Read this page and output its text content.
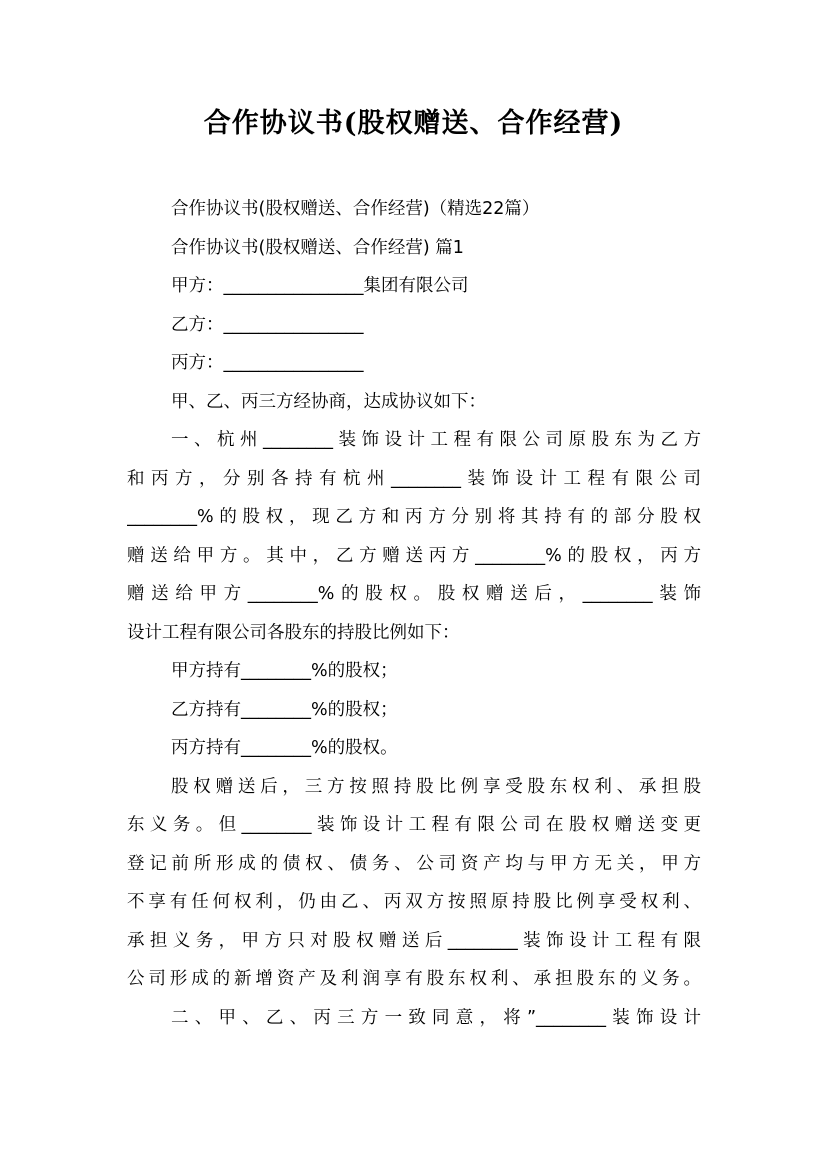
合作协议书(股权赠送、合作经营)
合作协议书(股权赠送、合作经营)（精选22篇）
合作协议书(股权赠送、合作经营) 篇1
甲方：________________集团有限公司
乙方：________________
丙方：________________
甲、乙、丙三方经协商，达成协议如下：
一、杭州________装饰设计工程有限公司原股东为乙方
和丙方，分别各持有杭州________装饰设计工程有限公司
________%的股权，现乙方和丙方分别将其持有的部分股权
赠送给甲方。其中，乙方赠送丙方________%的股权，丙方
赠送给甲方________%的股权。股权赠送后，________装饰
设计工程有限公司各股东的持股比例如下：
甲方持有________%的股权；
乙方持有________%的股权；
丙方持有________%的股权。
股权赠送后，三方按照持股比例享受股东权利、承担股
东义务。但________装饰设计工程有限公司在股权赠送变更
登记前所形成的债权、债务、公司资产均与甲方无关，甲方
不享有任何权利，仍由乙、丙双方按照原持股比例享受权利、
承担义务，甲方只对股权赠送后________装饰设计工程有限
公司形成的新增资产及利润享有股东权利、承担股东的义务。
二、甲、乙、丙三方一致同意，将”________装饰设计
